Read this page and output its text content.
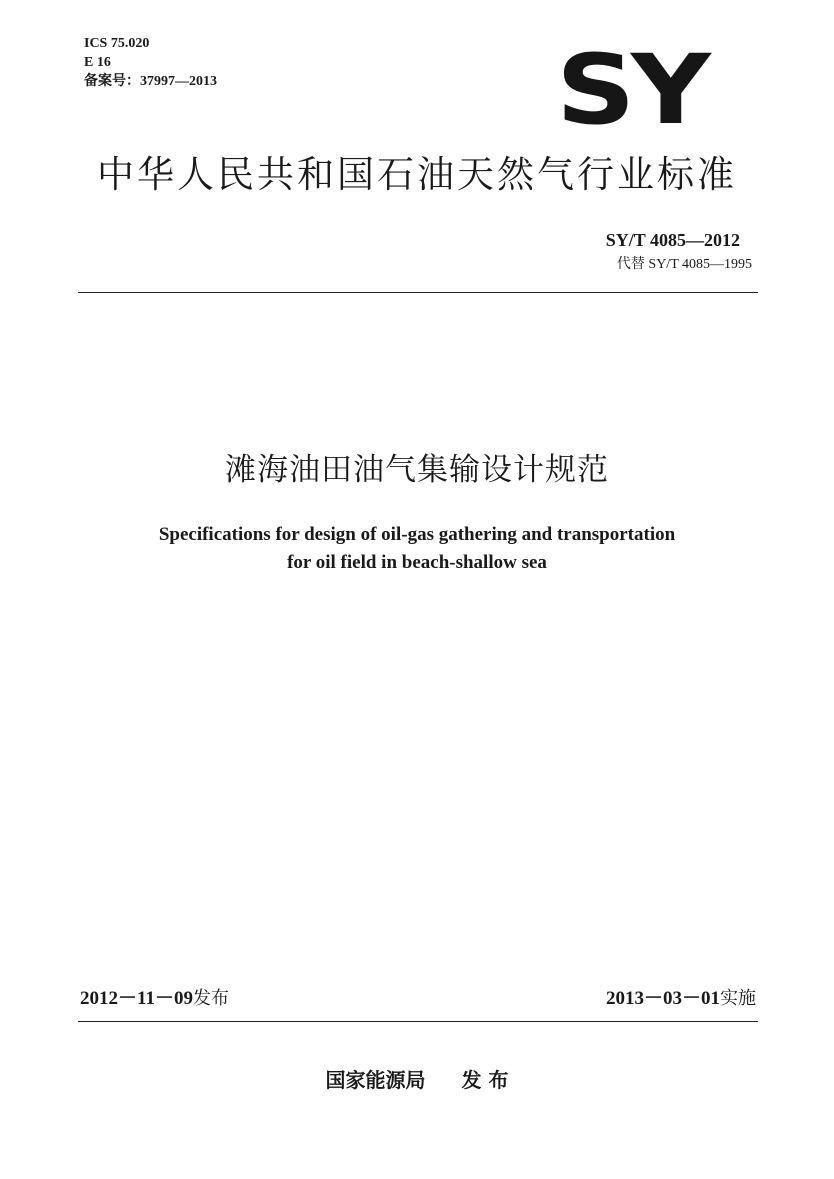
ICS 75.020
E 16
备案号：37997—2013	SY
中华人民共和国石油天然气行业标准
SY/T 4085—2012
代替 SY/T 4085—1995
滩海油田油气集输设计规范
Specifications for design of oil-gas gathering and transportation
for oil field in beach-shallow sea
2012－11－09发布	2013－03－01实施
国家能源局 发 布
